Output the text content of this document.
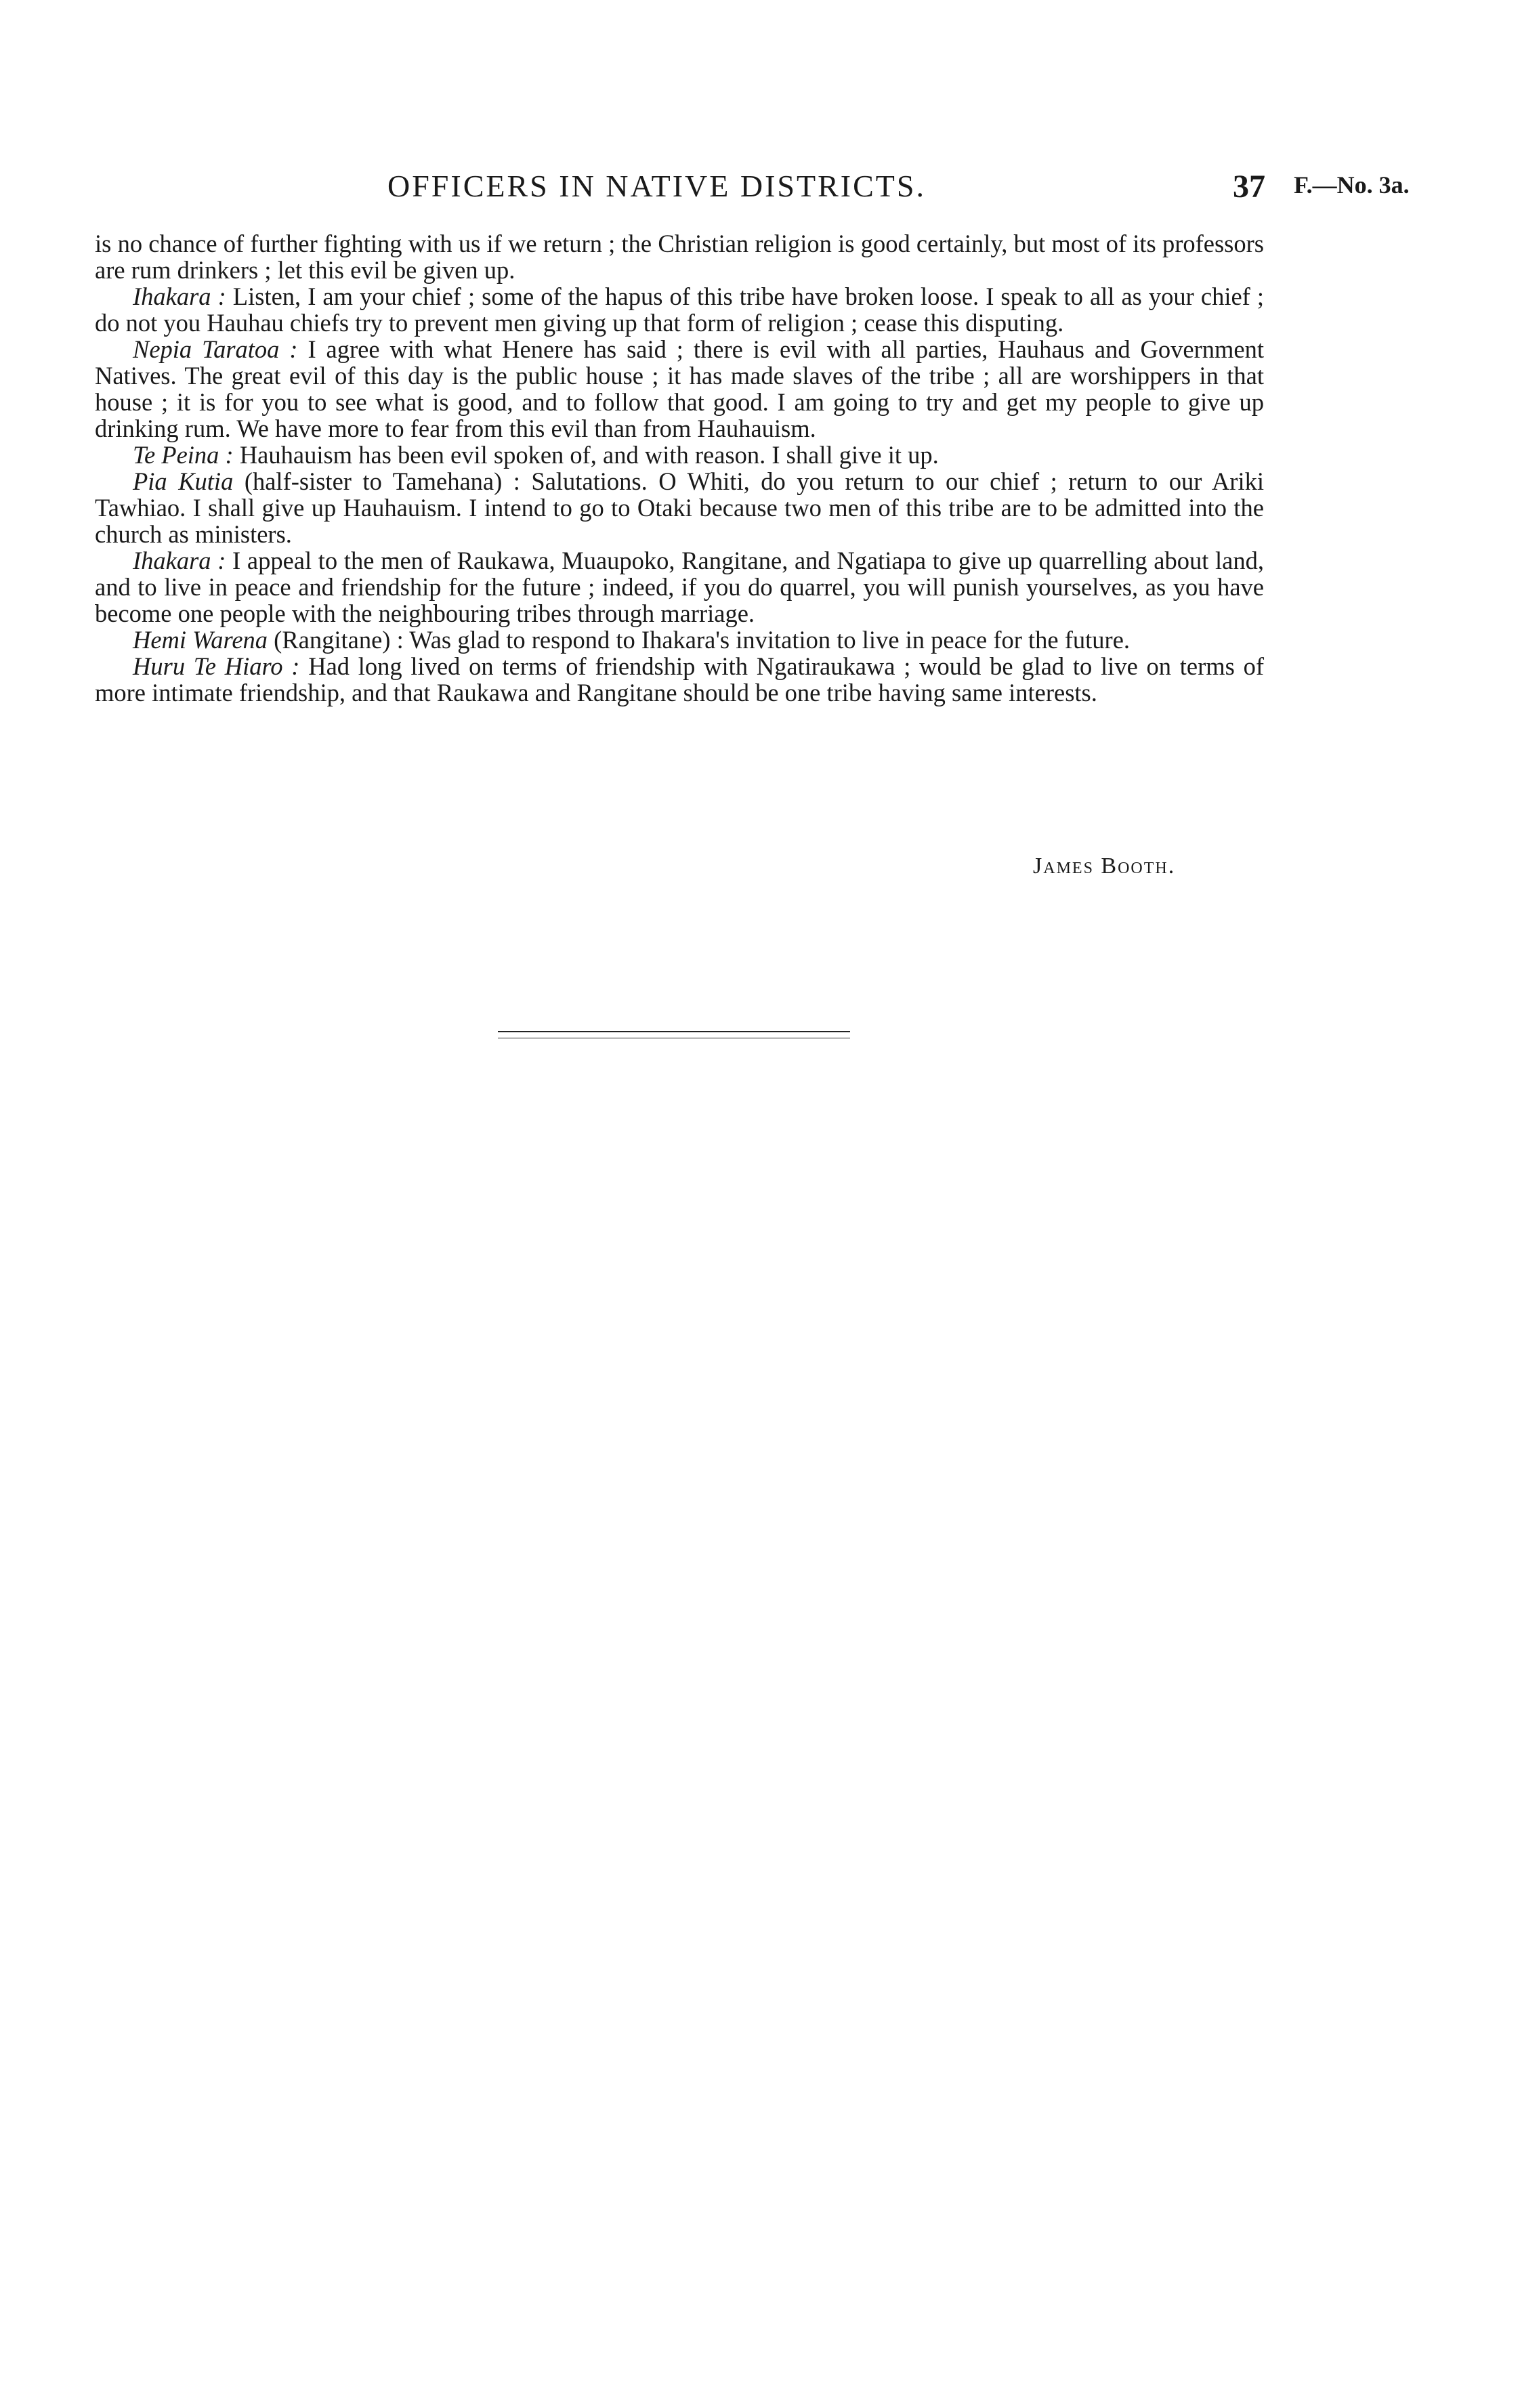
OFFICERS IN NATIVE DISTRICTS.	37 F.—No. 3a.

is no chance of further fighting with us if we return ; the Christian religion is good certainly, but most of its professors are rum drinkers ; let this evil be given up.

Ihakara : Listen, I am your chief ; some of the hapus of this tribe have broken loose. I speak to all as your chief ; do not you Hauhau chiefs try to prevent men giving up that form of religion ; cease this disputing.

Nepia Taratoa : I agree with what Henere has said ; there is evil with all parties, Hauhaus and Government Natives. The great evil of this day is the public house ; it has made slaves of the tribe ; all are worshippers in that house ; it is for you to see what is good, and to follow that good. I am going to try and get my people to give up drinking rum. We have more to fear from this evil than from Hauhauism.

Te Peina : Hauhauism has been evil spoken of, and with reason. I shall give it up.

Pia Kutia (half-sister to Tamehana) : Salutations. O Whiti, do you return to our chief ; return to our Ariki Tawhiao. I shall give up Hauhauism. I intend to go to Otaki because two men of this tribe are to be admitted into the church as ministers.

Ihakara : I appeal to the men of Raukawa, Muaupoko, Rangitane, and Ngatiapa to give up quarrelling about land, and to live in peace and friendship for the future ; indeed, if you do quarrel, you will punish yourselves, as you have become one people with the neighbouring tribes through marriage.

Hemi Warena (Rangitane) : Was glad to respond to Ihakara's invitation to live in peace for the future.

Huru Te Hiaro : Had long lived on terms of friendship with Ngatiraukawa ; would be glad to live on terms of more intimate friendship, and that Raukawa and Rangitane should be one tribe having same interests.

James Booth.
